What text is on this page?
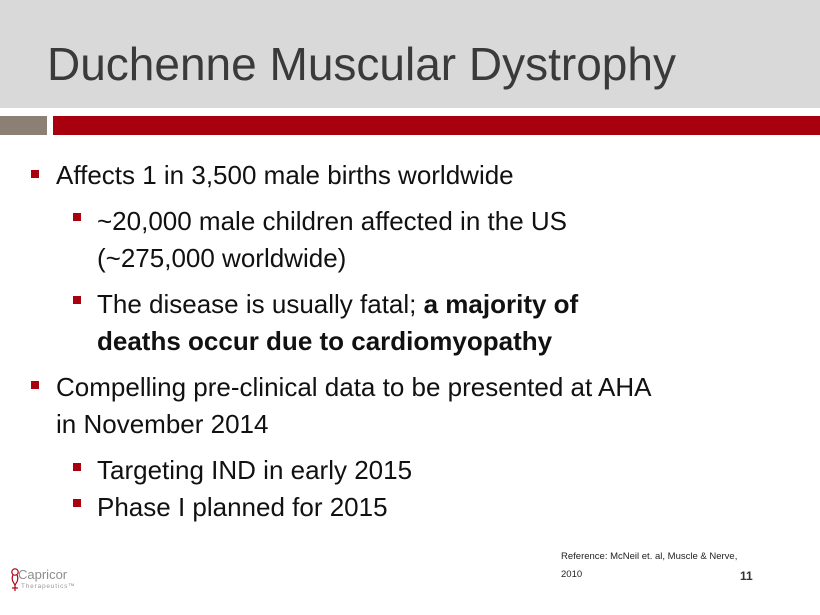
Duchenne Muscular Dystrophy
Affects 1 in 3,500 male births worldwide
~20,000 male children affected in the US
(~275,000 worldwide)
The disease is usually fatal; a majority of
deaths occur due to cardiomyopathy
Compelling pre-clinical data to be presented at AHA
in November 2014
Targeting IND in early 2015
Phase I planned for 2015
Reference: McNeil et. al, Muscle & Nerve,
2010	11
Capricor
Therapeutics™
